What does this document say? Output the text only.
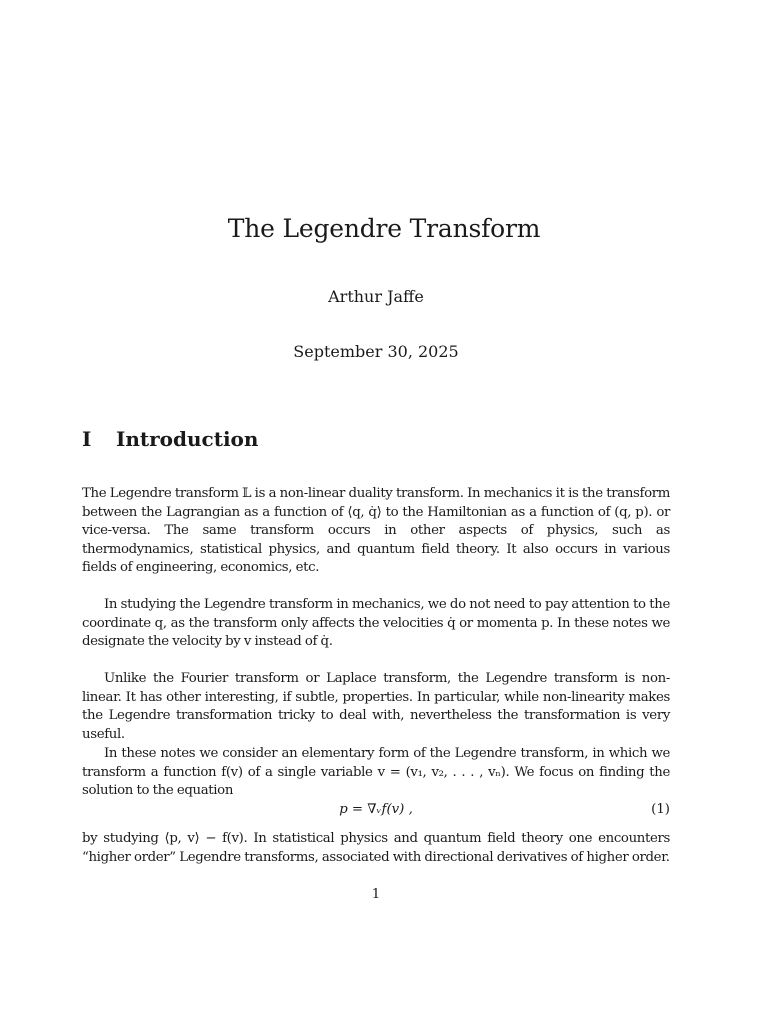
The Legendre Transform
Arthur Jaffe
September 30, 2025
I Introduction

The Legendre transform 𝕃 is a non-linear duality transform. In mechanics it is the transform between the Lagrangian as a function of ⟨q, q̇⟩ to the Hamiltonian as a function of (q, p). or vice-versa. The same transform occurs in other aspects of physics, such as thermodynamics, statistical physics, and quantum field theory. It also occurs in various fields of engineering, economics, etc.

In studying the Legendre transform in mechanics, we do not need to pay attention to the coordinate q, as the transform only affects the velocities q̇ or momenta p. In these notes we designate the velocity by v instead of q̇.

Unlike the Fourier transform or Laplace transform, the Legendre transform is non-linear. It has other interesting, if subtle, properties. In particular, while non-linearity makes the Legendre transformation tricky to deal with, nevertheless the transformation is very useful.

In these notes we consider an elementary form of the Legendre transform, in which we transform a function f(v) of a single variable v = (v₁, v₂, . . . , vₙ). We focus on finding the solution to the equation

p = ∇ᵥf(v) ,	(1)

by studying ⟨p, v⟩ − f(v). In statistical physics and quantum field theory one encounters “higher order” Legendre transforms, associated with directional derivatives of higher order.

1
